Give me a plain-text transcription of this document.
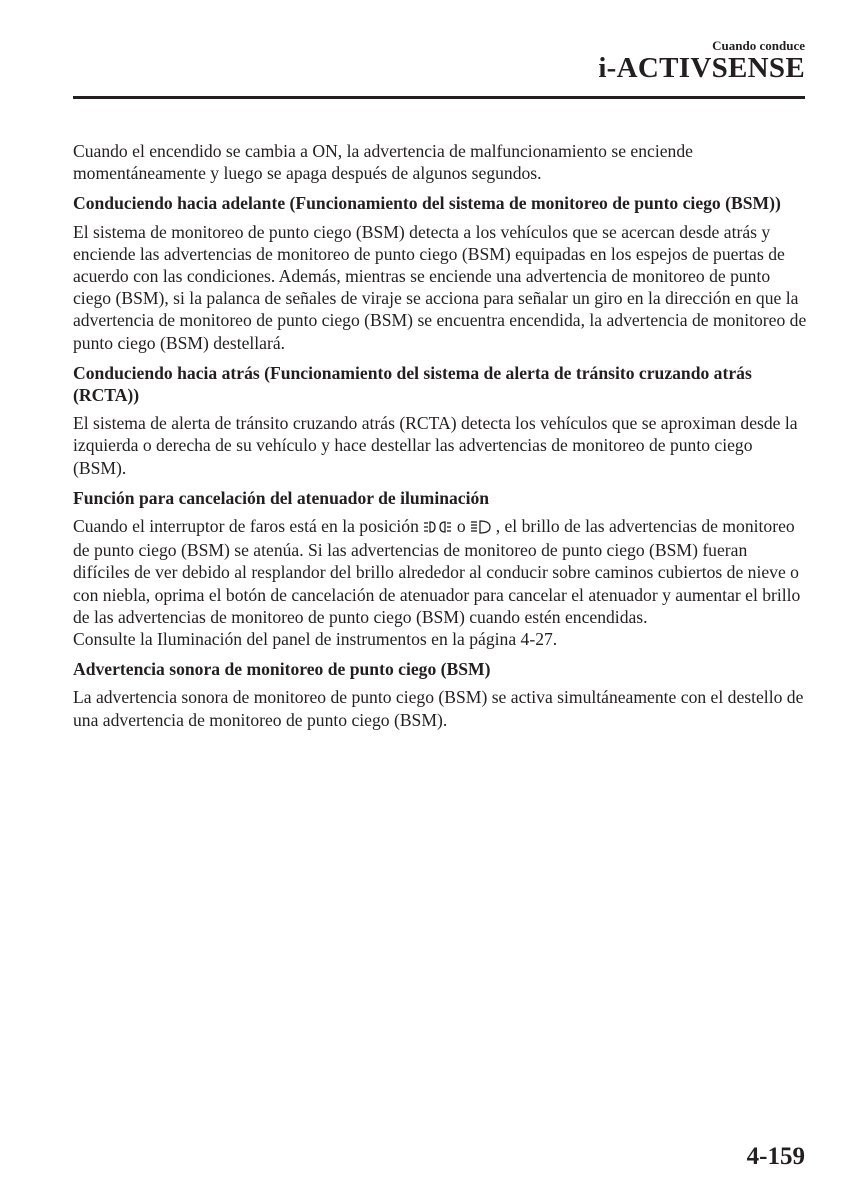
Cuando conduce
i-ACTIVSENSE

Cuando el encendido se cambia a ON, la advertencia de malfuncionamiento se enciende momentáneamente y luego se apaga después de algunos segundos.

Conduciendo hacia adelante (Funcionamiento del sistema de monitoreo de punto ciego (BSM))

El sistema de monitoreo de punto ciego (BSM) detecta a los vehículos que se acercan desde atrás y enciende las advertencias de monitoreo de punto ciego (BSM) equipadas en los espejos de puertas de acuerdo con las condiciones. Además, mientras se enciende una advertencia de monitoreo de punto ciego (BSM), si la palanca de señales de viraje se acciona para señalar un giro en la dirección en que la advertencia de monitoreo de punto ciego (BSM) se encuentra encendida, la advertencia de monitoreo de punto ciego (BSM) destellará.

Conduciendo hacia atrás (Funcionamiento del sistema de alerta de tránsito cruzando atrás (RCTA))

El sistema de alerta de tránsito cruzando atrás (RCTA) detecta los vehículos que se aproximan desde la izquierda o derecha de su vehículo y hace destellar las advertencias de monitoreo de punto ciego (BSM).

Función para cancelación del atenuador de iluminación

Cuando el interruptor de faros está en la posición o , el brillo de las advertencias de monitoreo de punto ciego (BSM) se atenúa. Si las advertencias de monitoreo de punto ciego (BSM) fueran difíciles de ver debido al resplandor del brillo alrededor al conducir sobre caminos cubiertos de nieve o con niebla, oprima el botón de cancelación de atenuador para cancelar el atenuador y aumentar el brillo de las advertencias de monitoreo de punto ciego (BSM) cuando estén encendidas.

Consulte la Iluminación del panel de instrumentos en la página 4-27.

Advertencia sonora de monitoreo de punto ciego (BSM)

La advertencia sonora de monitoreo de punto ciego (BSM) se activa simultáneamente con el destello de una advertencia de monitoreo de punto ciego (BSM).

4-159
